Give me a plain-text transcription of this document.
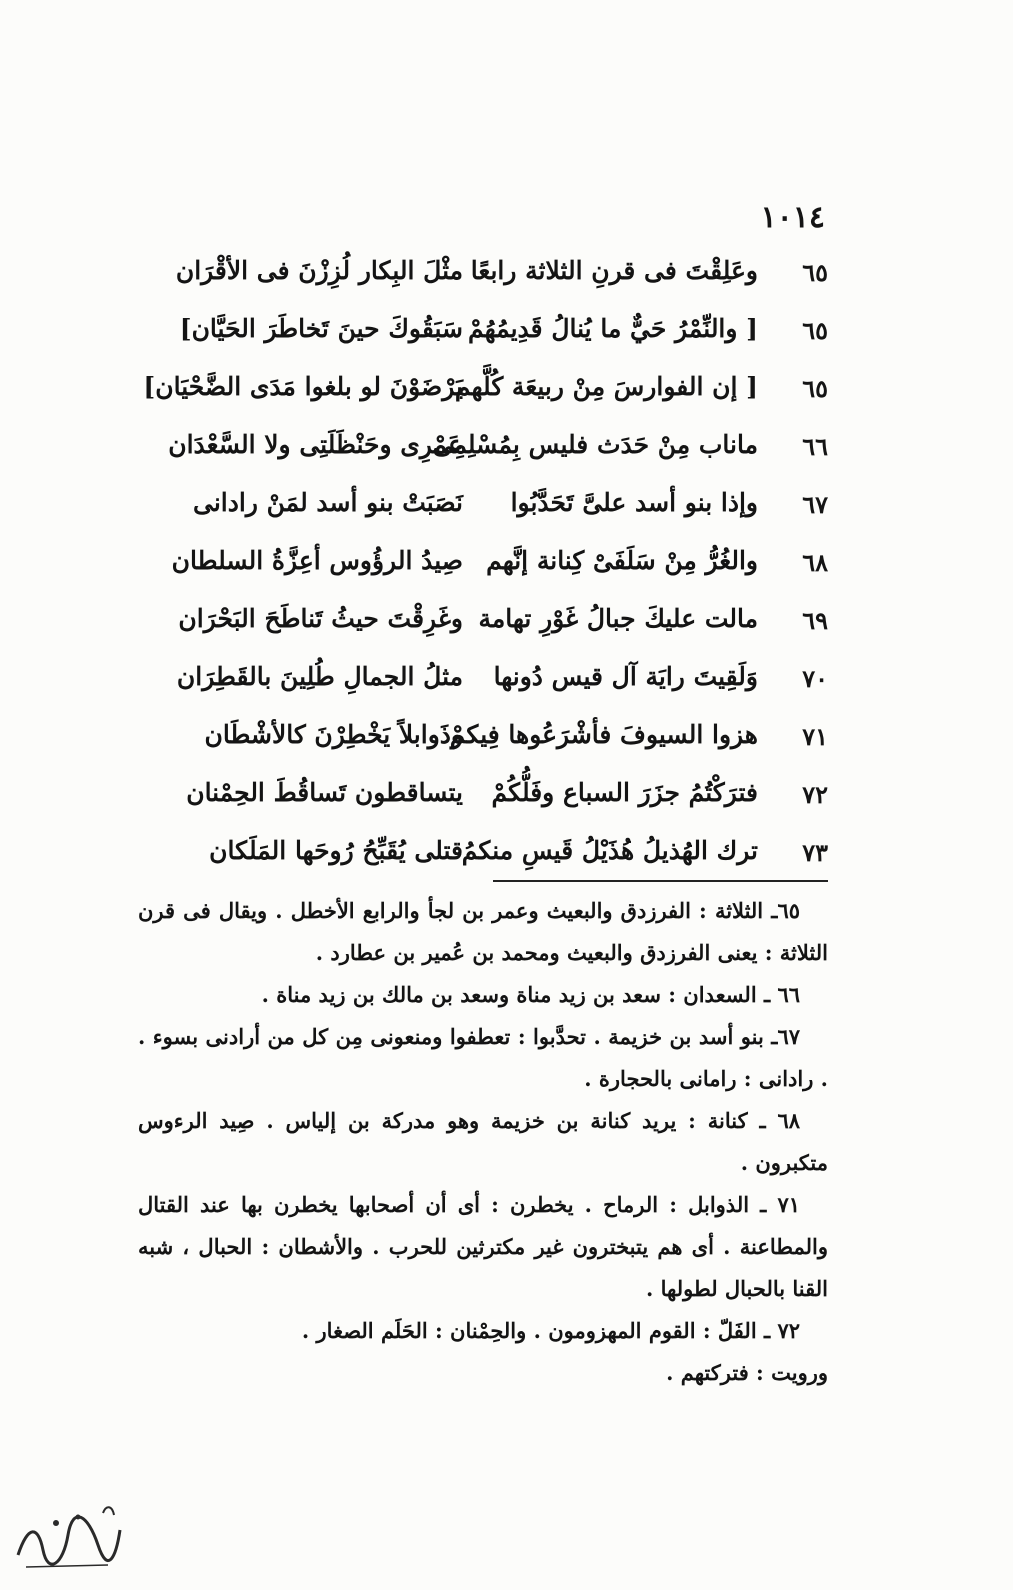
١٠١٤
٦٥
وعَلِقْتَ فى قرنِ الثلاثة رابعًا
مثْلَ البِكار لُزِزْنَ فى الأقْرَان
٦٥
[ والنِّمْرُ حَيٌّ ما يُنالُ قَدِيمُهُمْ
سَبَقُوكَ حينَ تَخاطَرَ الحَيَّان]
٦٥
[ إن الفوارسَ مِنْ ربيعَة كُلَّهم
يَرْضَوْنَ لو بلغوا مَدَى الضَّحْيَان]
٦٦
ماناب مِنْ حَدَث فليس بِمُسْلِمِى
عَمْرِى وحَنْظَلَتِى ولا السَّعْدَان
٦٧
وإذا بنو أسد علىَّ تَحَدَّبُوا
نَصَبَتْ بنو أسد لمَنْ رادانى
٦٨
والغُرُّ مِنْ سَلَفَىْ كِنانة إنَّهم
صِيدُ الرؤُوس أعِزَّةُ السلطان
٦٩
مالت عليكَ جبالُ غَوْرِ تهامة
وغَرِقْتَ حيثُ تَناطَحَ البَحْرَان
٧٠
وَلَقِيتَ رايَة آل قيس دُونها
مثلُ الجمالِ طُلِينَ بالقَطِرَان
٧١
هزوا السيوفَ فأشْرَعُوها فِيكمْ
وذَوابلاً يَخْطِرْنَ كالأشْطَان
٧٢
فترَكْتُمُ جزَرَ السباع وفَلُّكُمْ
يتساقطون تَساقُطَ الحِمْنان
٧٣
ترك الهُذيلُ هُذَيْلُ قَيسِ منكمُ
قتلى يُقَبِّحُ رُوحَها المَلَكان

٦٥ـ الثلاثة : الفرزدق والبعيث وعمر بن لجأ والرابع الأخطل . ويقال فى قرن الثلاثة : يعنى الفرزدق والبعيث ومحمد بن عُمير بن عطارد .

٦٦ ـ السعدان : سعد بن زيد مناة وسعد بن مالك بن زيد مناة .

٦٧ـ بنو أسد بن خزيمة . تحدَّبوا : تعطفوا ومنعونى مِن كل من أرادنى بسوء . . رادانى : رامانى بالحجارة .

٦٨ ـ كنانة : يريد كنانة بن خزيمة وهو مدركة بن إلياس . صِيد الرءوس متكبرون .

٧١ ـ الذوابل : الرماح . يخطرن : أى أن أصحابها يخطرن بها عند القتال والمطاعنة . أى هم يتبخترون غير مكترثين للحرب . والأشطان : الحبال ، شبه القنا بالحبال لطولها .

٧٢ ـ الفَلّ : القوم المهزومون . والحِمْنان : الحَلَم الصغار .

ورويت : فتركتهم .
